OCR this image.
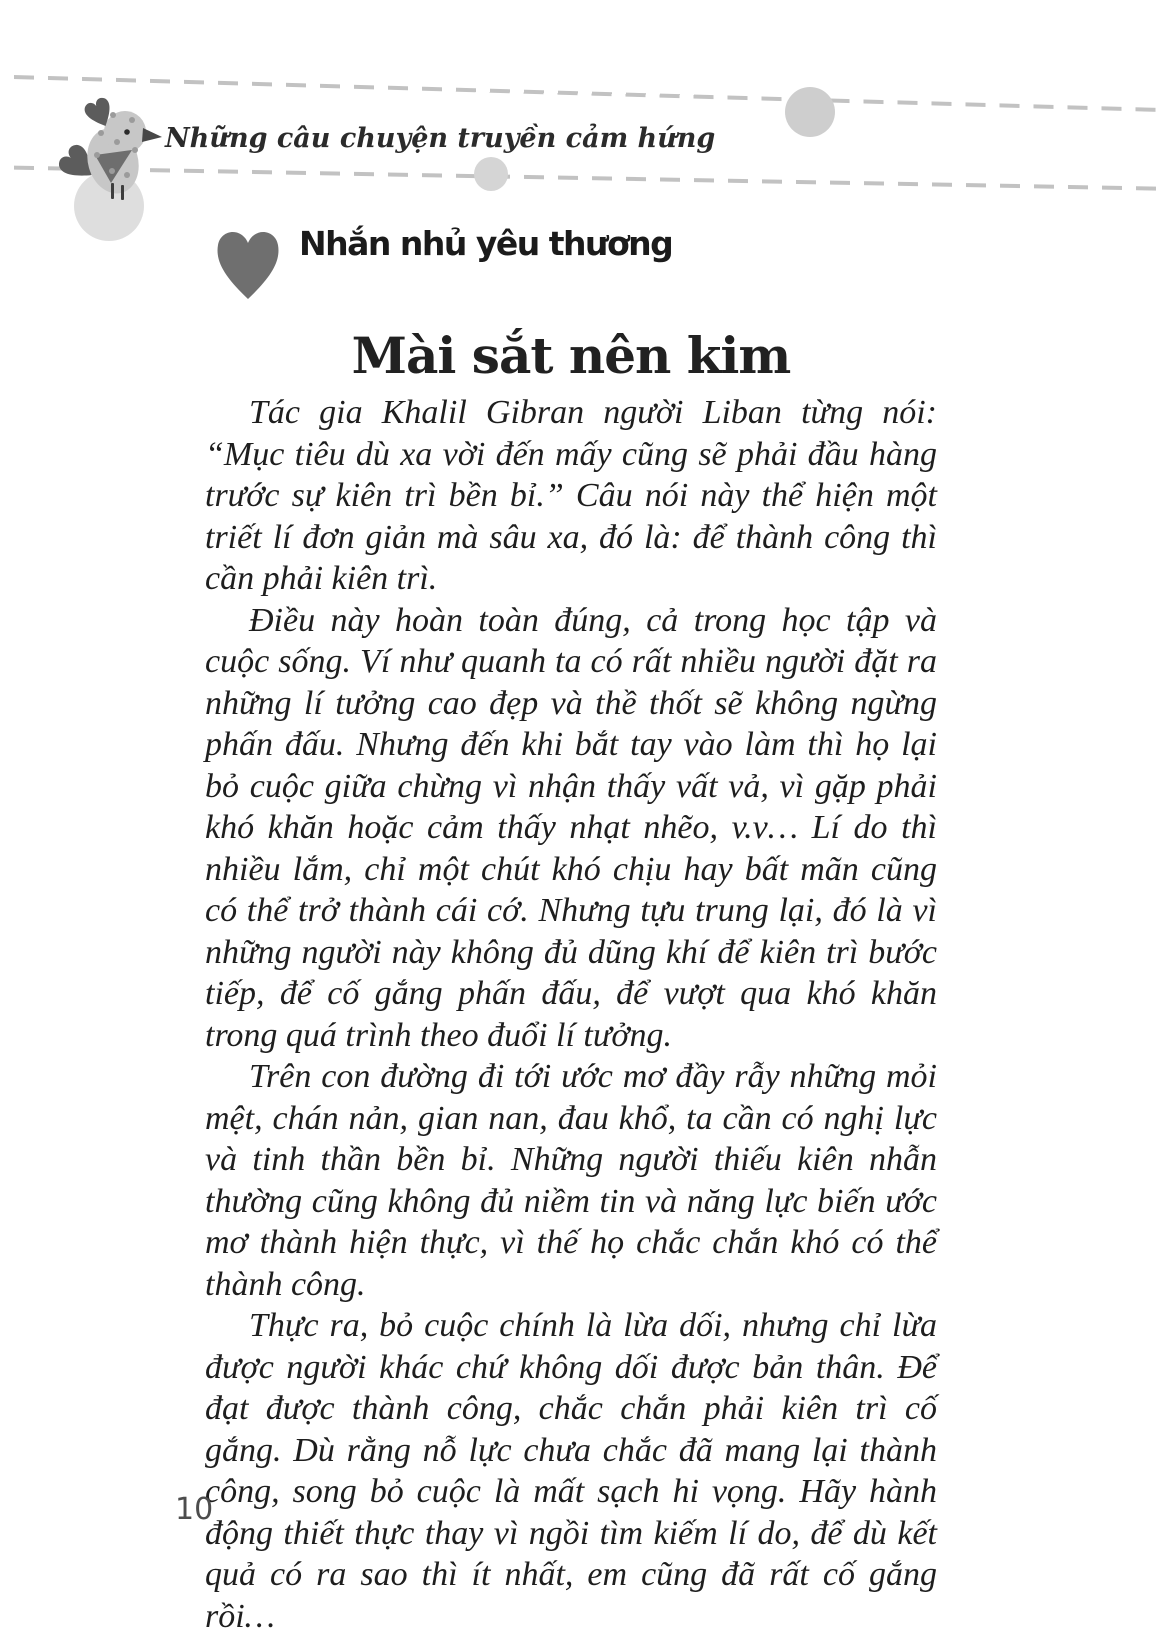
Những câu chuyện truyền cảm hứng
Nhắn nhủ yêu thương
Mài sắt nên kim

Tác gia Khalil Gibran người Liban từng nói: “Mục tiêu dù xa vời đến mấy cũng sẽ phải đầu hàng trước sự kiên trì bền bỉ.” Câu nói này thể hiện một triết lí đơn giản mà sâu xa, đó là: để thành công thì cần phải kiên trì.

Điều này hoàn toàn đúng, cả trong học tập và cuộc sống. Ví như quanh ta có rất nhiều người đặt ra những lí tưởng cao đẹp và thề thốt sẽ không ngừng phấn đấu. Nhưng đến khi bắt tay vào làm thì họ lại bỏ cuộc giữa chừng vì nhận thấy vất vả, vì gặp phải khó khăn hoặc cảm thấy nhạt nhẽo, v.v… Lí do thì nhiều lắm, chỉ một chút khó chịu hay bất mãn cũng có thể trở thành cái cớ. Nhưng tựu trung lại, đó là vì những người này không đủ dũng khí để kiên trì bước tiếp, để cố gắng phấn đấu, để vượt qua khó khăn trong quá trình theo đuổi lí tưởng.

Trên con đường đi tới ước mơ đầy rẫy những mỏi mệt, chán nản, gian nan, đau khổ, ta cần có nghị lực và tinh thần bền bỉ. Những người thiếu kiên nhẫn thường cũng không đủ niềm tin và năng lực biến ước mơ thành hiện thực, vì thế họ chắc chắn khó có thể thành công.

Thực ra, bỏ cuộc chính là lừa dối, nhưng chỉ lừa được người khác chứ không dối được bản thân. Để đạt được thành công, chắc chắn phải kiên trì cố gắng. Dù rằng nỗ lực chưa chắc đã mang lại thành công, song bỏ cuộc là mất sạch hi vọng. Hãy hành động thiết thực thay vì ngồi tìm kiếm lí do, để dù kết quả có ra sao thì ít nhất, em cũng đã rất cố gắng rồi…

10
